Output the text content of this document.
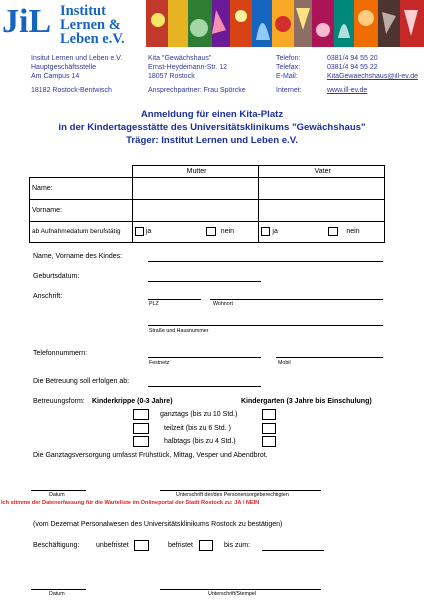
JiL Institut
Lernen &
Leben e.V.
Insitut Lernen und Leben e.V.
Hauptgeschäftsstelle
Am Campus 14
18182 Rostock-Bentwisch
Kita "Gewächshaus"
Ernst-Heydemann-Str. 12
18057 Rostock
Ansprechpartner: Frau Spörcke
Telefon:
Telefax:
E-Mail:
Internet:
0381/4 94 55 20
0381/4 94 55 22
KitaGewaechshaus@ill-ev.de
www.ill-ev.de
Anmeldung für einen Kita-Platz
in der Kindertagesstätte des Universitätsklinikums "Gewächshaus"
Träger: Institut Lernen und Leben e.V.
	Mutter	Vater
Name:		
Vorname:		
ab Aufnahmedatum berufstätig	ja nein	ja nein
Name, Vorname des Kindes:
Geburtsdatum:
Anschrift:
PLZ	Wohnort
Straße und Hausnummer
Telefonnummern:
Festnetz	Mobil
Die Betreuung soll erfolgen ab:
Betreuungsform: Kinderkrippe (0-3 Jahre)	Kindergarten (3 Jahre bis Einschulung)
ganztags (bis zu 10 Std.)
teilzeit (bis zu 6 Std. )
halbtags (bis zu 4 Std.)
Die Ganztagsversorgung umfasst Frühstück, Mittag, Vesper und Abendbrot.
Datum	Unterschrift der/des Personensorgeberechtigten
Ich stimme der Datenerfassung für die Warteliste im Onlineportal der Stadt Rostock zu: JA / NEIN
(vom Dezernat Personalwesen des Universitätsklinikums Rostock zu bestätigen)
Beschäftigung: unbefristet	befristet	bis zum:
Datum	Unterschrift/Stempel
